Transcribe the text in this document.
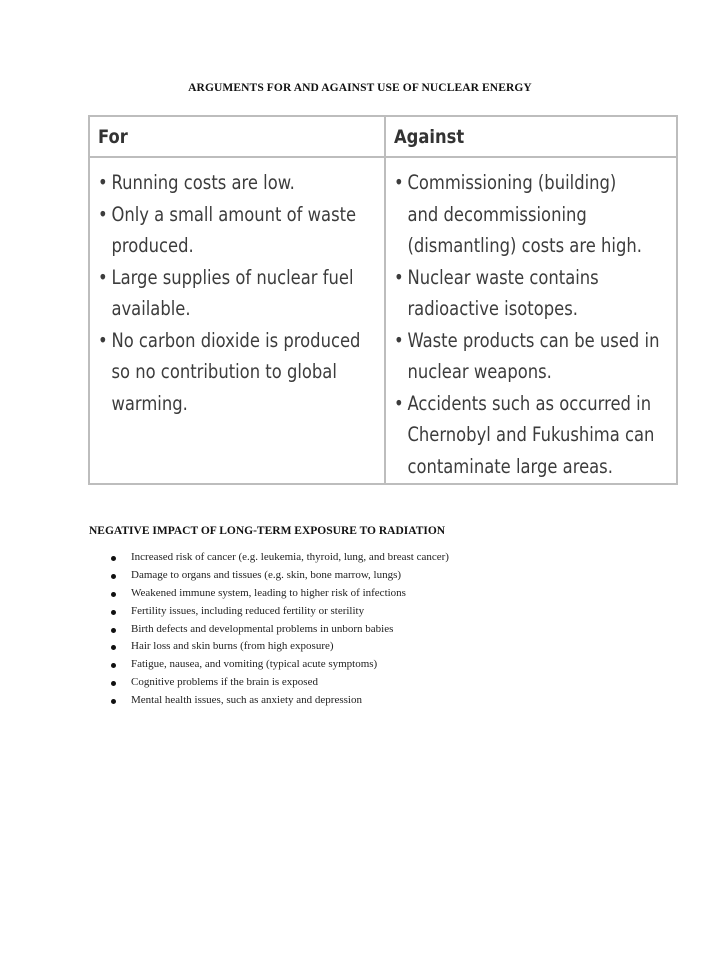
ARGUMENTS FOR AND AGAINST USE OF NUCLEAR ENERGY
For	Against
• Running costs are low.
• Only a small amount of waste
produced.
• Large supplies of nuclear fuel
available.
• No carbon dioxide is produced
so no contribution to global
warming.
• Commissioning (building)
and decommissioning
(dismantling) costs are high.
• Nuclear waste contains
radioactive isotopes.
• Waste products can be used in
nuclear weapons.
• Accidents such as occurred in
Chernobyl and Fukushima can
contaminate large areas.
NEGATIVE IMPACT OF LONG-TERM EXPOSURE TO RADIATION
Increased risk of cancer (e.g. leukemia, thyroid, lung, and breast cancer)
Damage to organs and tissues (e.g. skin, bone marrow, lungs)
Weakened immune system, leading to higher risk of infections
Fertility issues, including reduced fertility or sterility
Birth defects and developmental problems in unborn babies
Hair loss and skin burns (from high exposure)
Fatigue, nausea, and vomiting (typical acute symptoms)
Cognitive problems if the brain is exposed
Mental health issues, such as anxiety and depression
